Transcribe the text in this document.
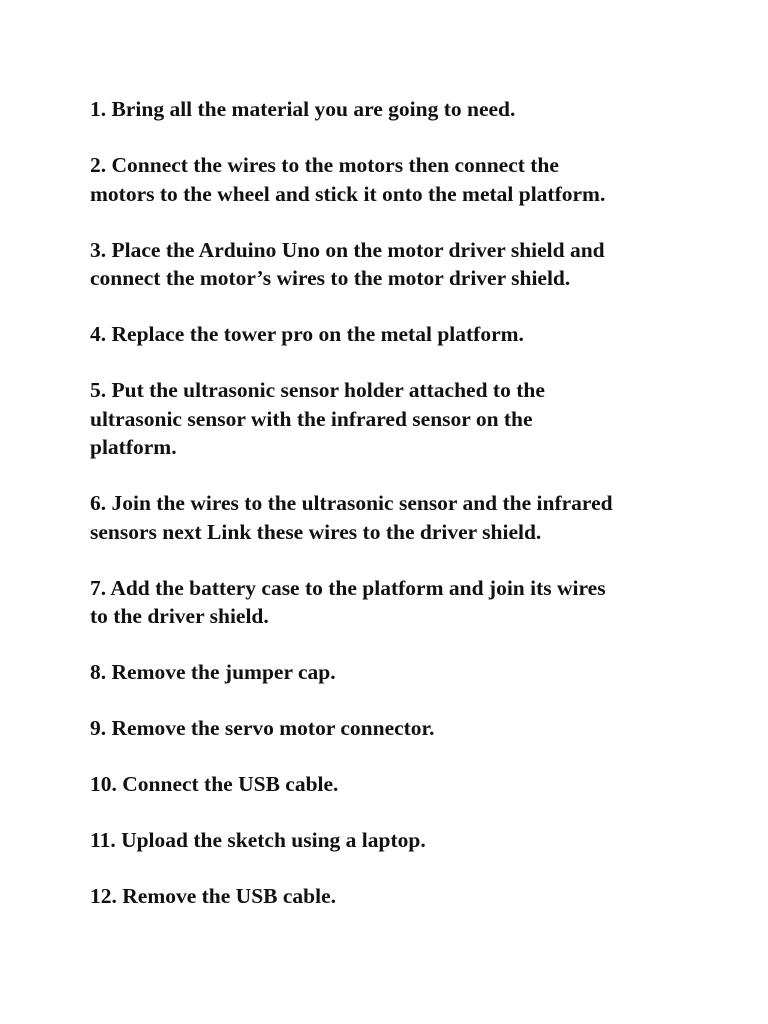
1. Bring all the material you are going to need.
2. Connect the wires to the motors then connect the
motors to the wheel and stick it onto the metal platform.
3. Place the Arduino Uno on the motor driver shield and
connect the motor’s wires to the motor driver shield.
4. Replace the tower pro on the metal platform.
5. Put the ultrasonic sensor holder attached to the
ultrasonic sensor with the infrared sensor on the
platform.
6. Join the wires to the ultrasonic sensor and the infrared
sensors next Link these wires to the driver shield.
7. Add the battery case to the platform and join its wires
to the driver shield.
8. Remove the jumper cap.
9. Remove the servo motor connector.
10. Connect the USB cable.
11. Upload the sketch using a laptop.
12. Remove the USB cable.
